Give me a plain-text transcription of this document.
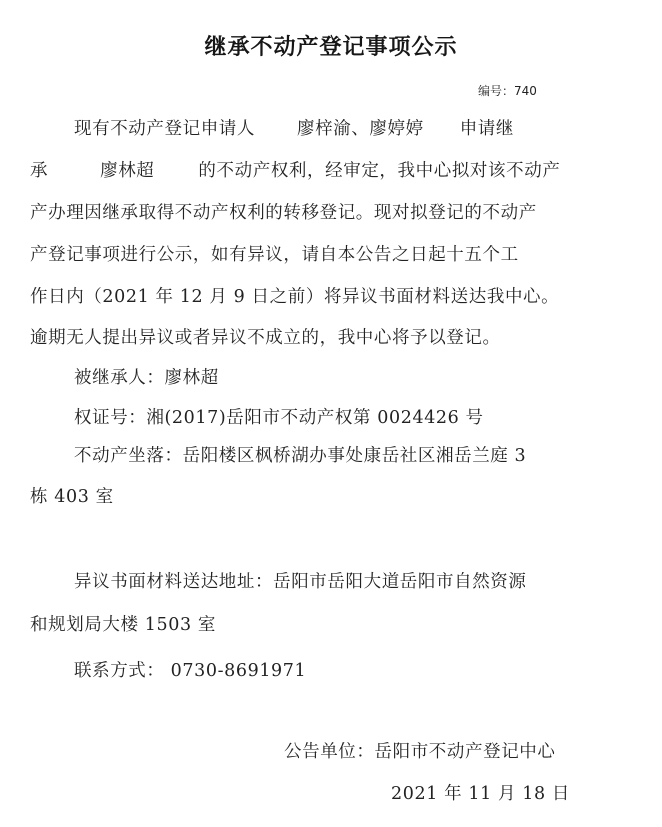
继承不动产登记事项公示
编号：740
现有不动产登记申请人 廖梓渝、廖婷婷 申请继
承	廖林超	的不动产权利，经审定，我中心拟对该不动产
产办理因继承取得不动产权利的转移登记。现对拟登记的不动产
产登记事项进行公示，如有异议，请自本公告之日起十五个工
作日内（2021 年 12 月 9 日之前）将异议书面材料送达我中心。
逾期无人提出异议或者异议不成立的，我中心将予以登记。
被继承人：廖林超
权证号：湘(2017)岳阳市不动产权第 0024426 号
不动产坐落：岳阳楼区枫桥湖办事处康岳社区湘岳兰庭 3
栋 403 室
异议书面材料送达地址：岳阳市岳阳大道岳阳市自然资源
和规划局大楼 1503 室
联系方式： 0730-8691971
公告单位：岳阳市不动产登记中心
2021 年 11 月 18 日
